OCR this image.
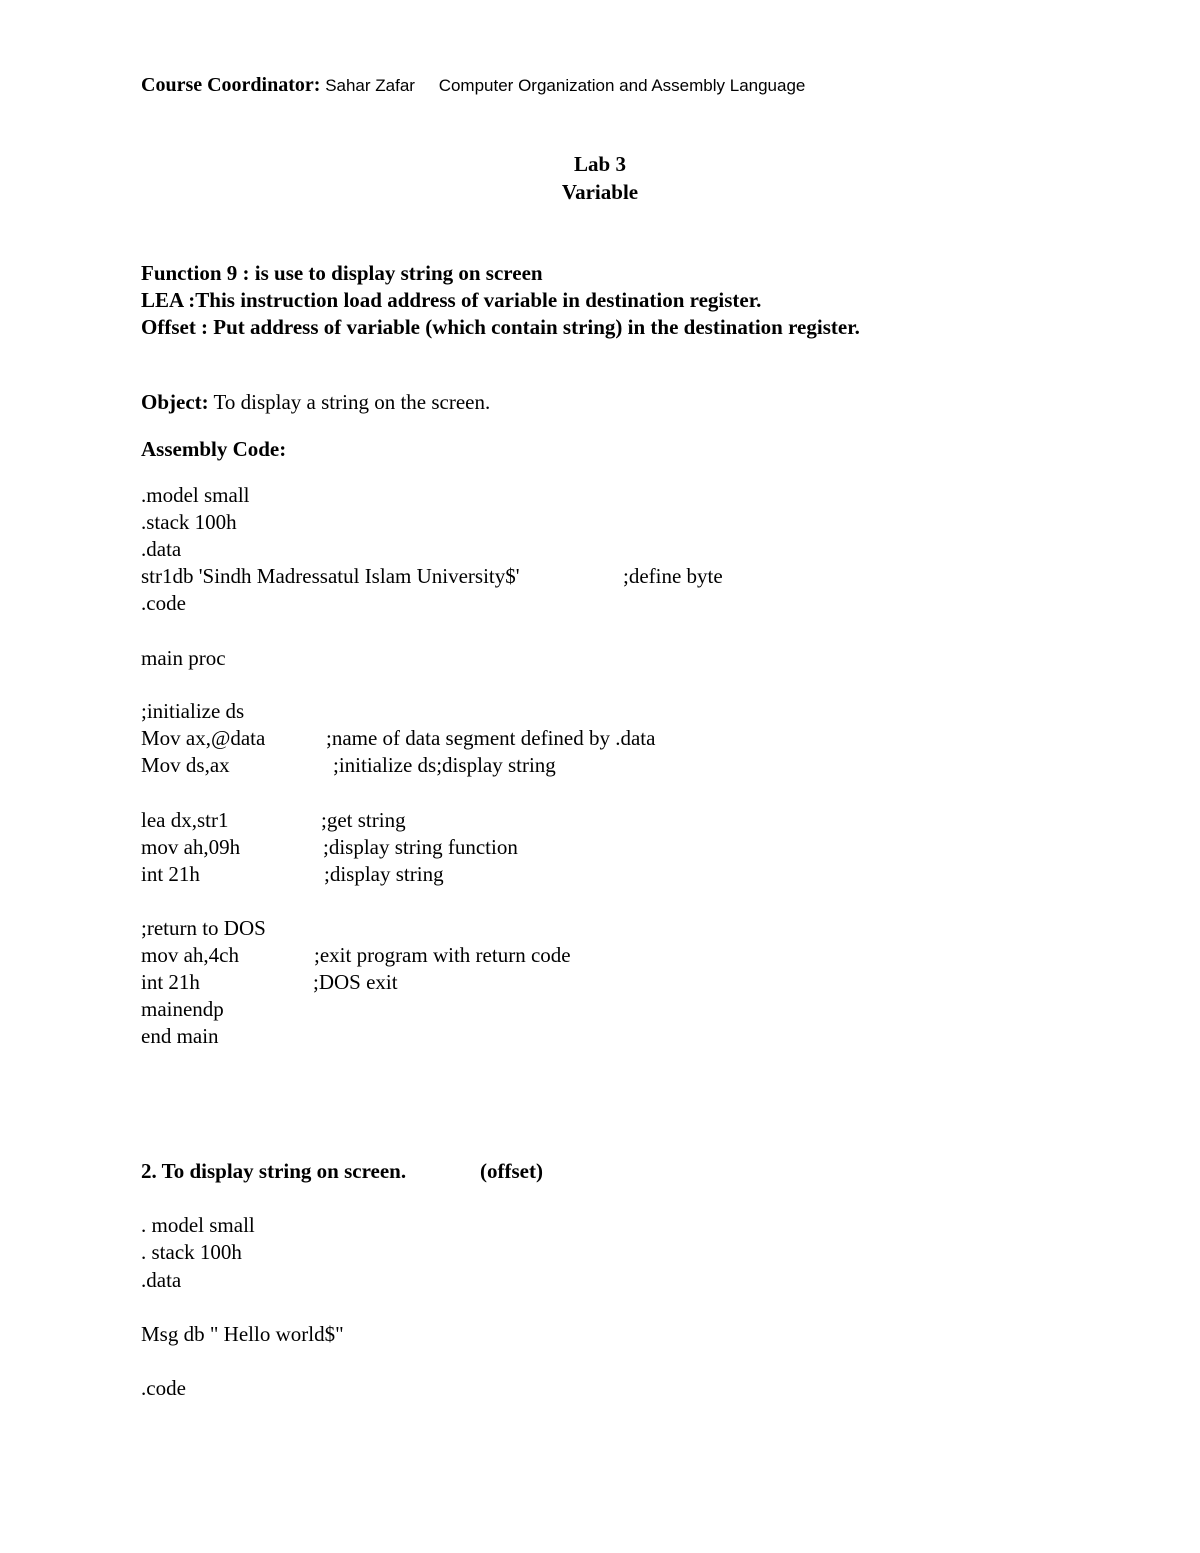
Course Coordinator: Sahar Zafar Computer Organization and Assembly Language
Lab 3
Variable
Function 9 : is use to display string on screen
LEA :This instruction load address of variable in destination register.
Offset : Put address of variable (which contain string) in the destination register.
Object: To display a string on the screen.
Assembly Code:
.model small
.stack 100h
.data
str1db 'Sindh Madressatul Islam University$'	;define byte
.code
main proc
;initialize ds
Mov ax,@data	;name of data segment defined by .data
Mov ds,ax	;initialize ds;display string
lea dx,str1	;get string
mov ah,09h	;display string function
int 21h	;display string
;return to DOS
mov ah,4ch	;exit program with return code
int 21h	;DOS exit
mainendp
end main
2. To display string on screen.	(offset)
. model small
. stack 100h
.data
Msg db " Hello world$"
.code
